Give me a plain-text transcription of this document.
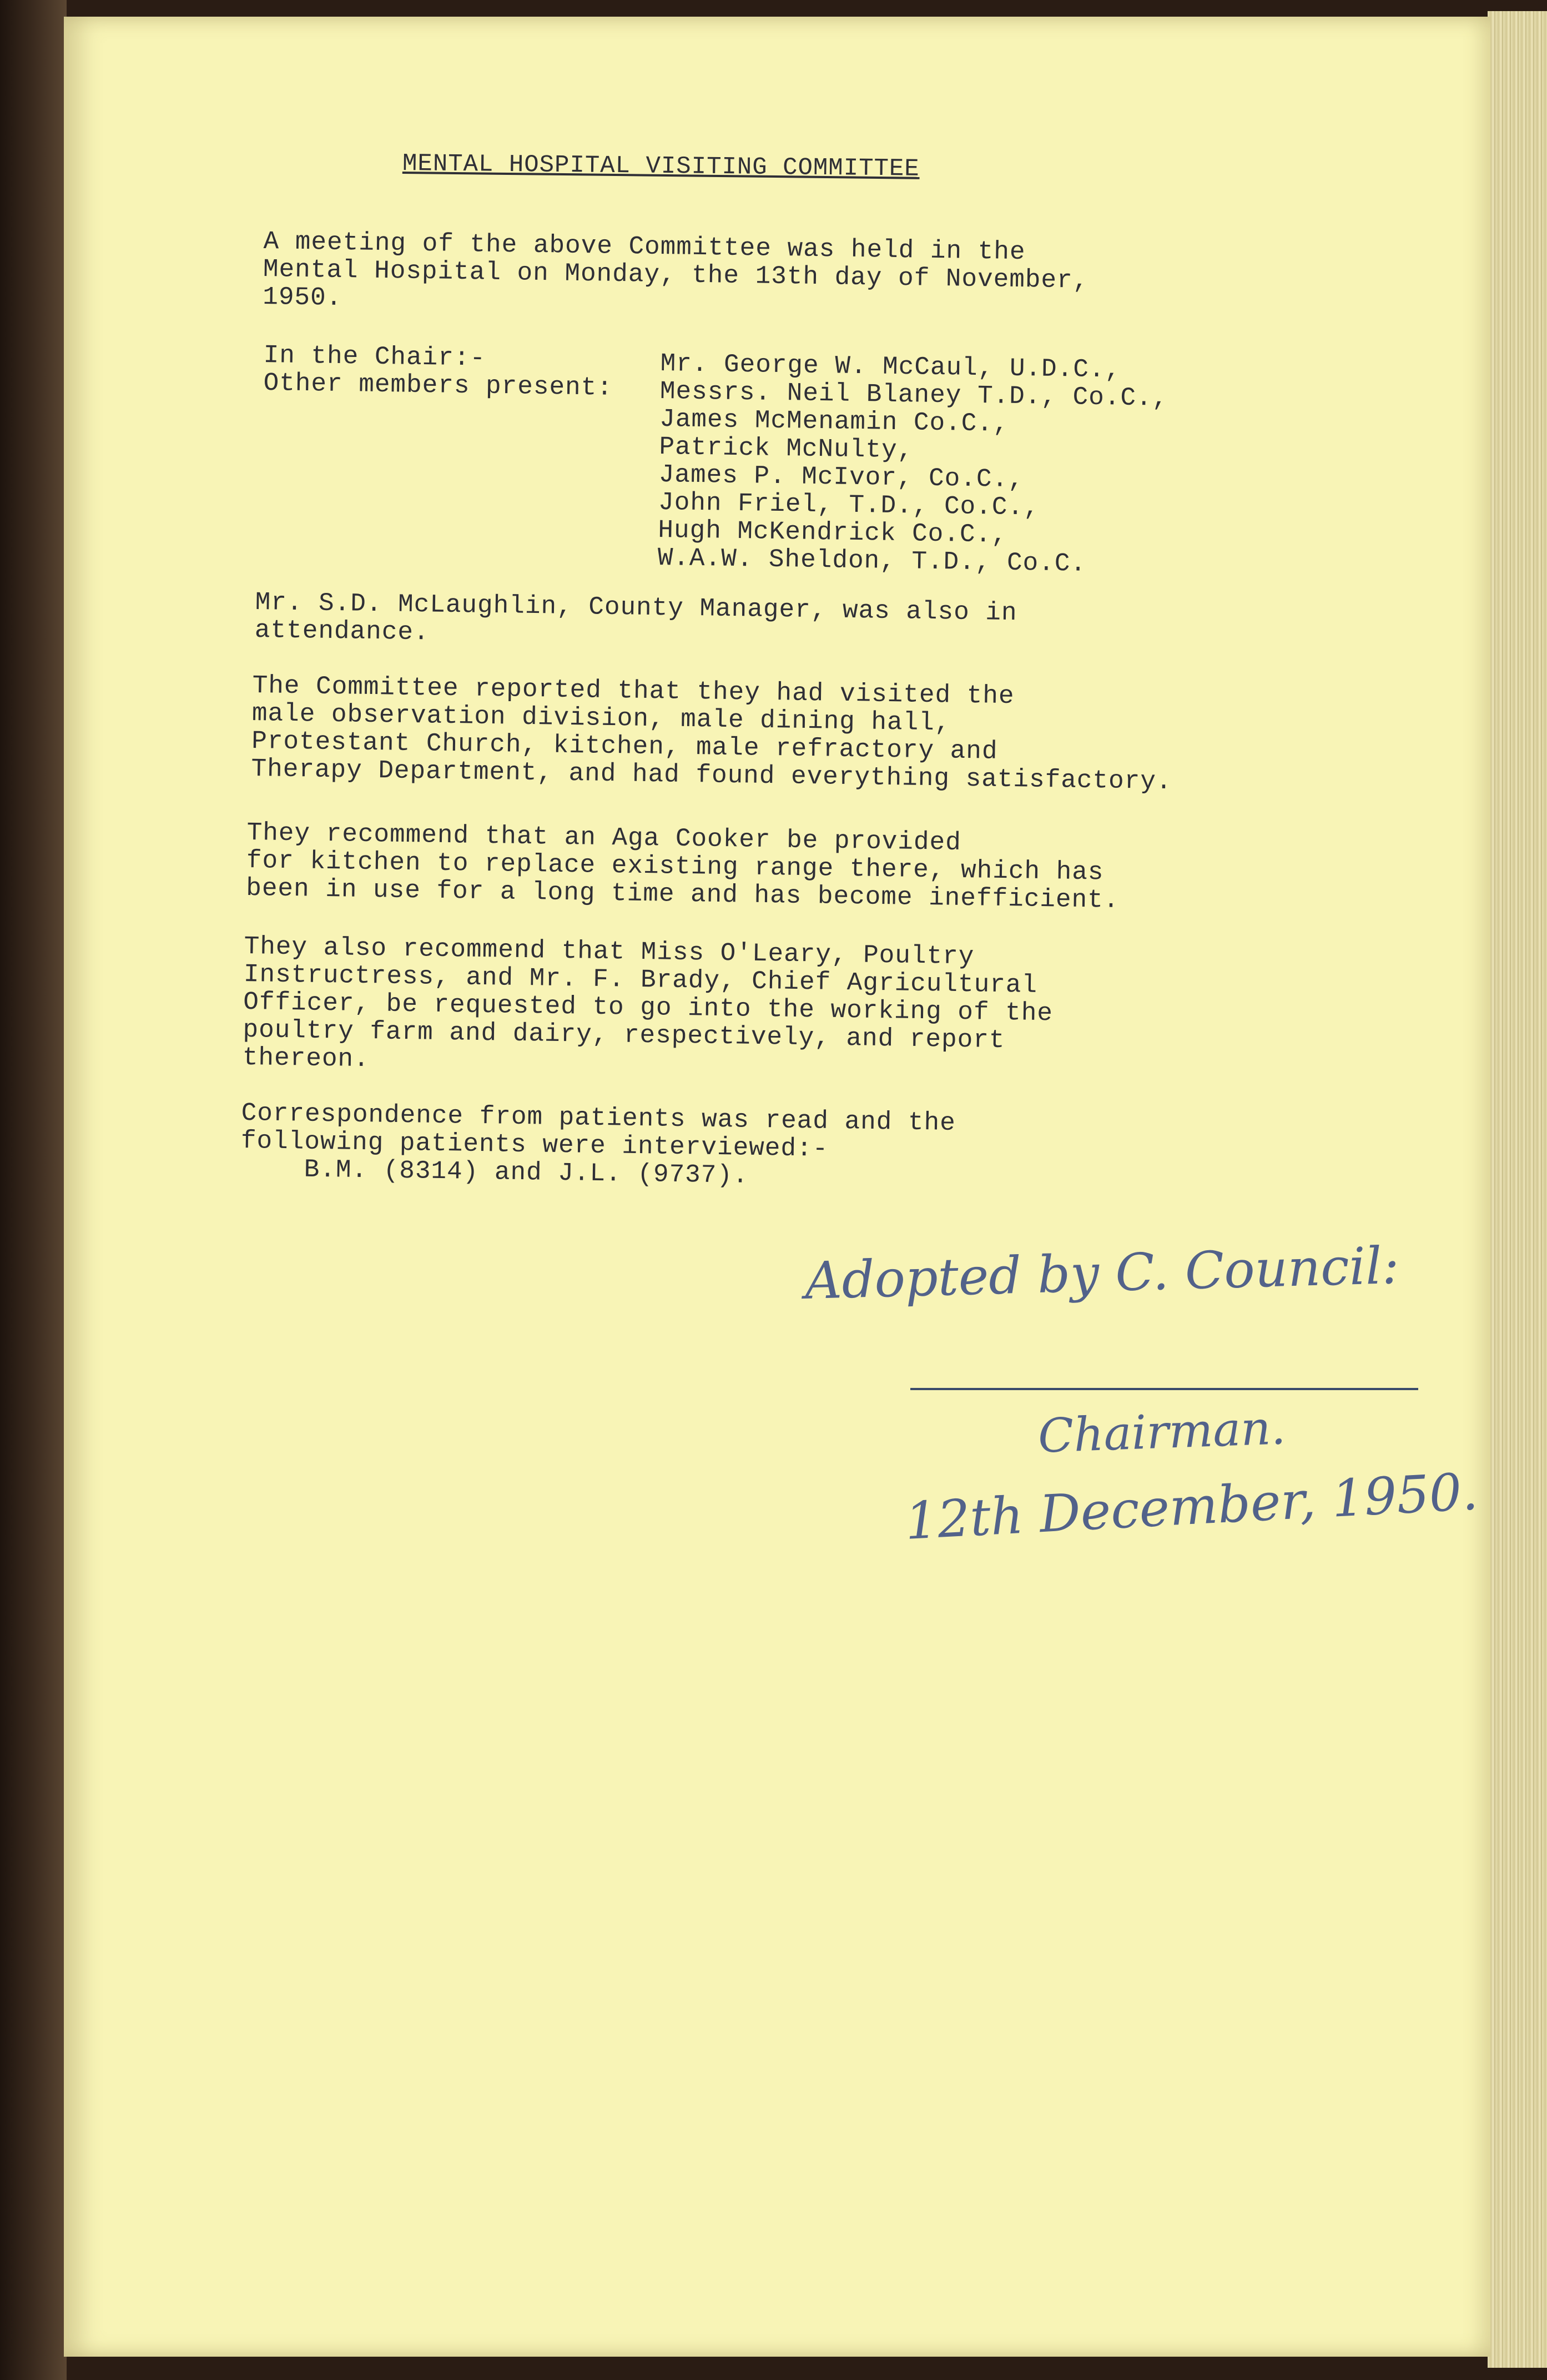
MENTAL HOSPITAL VISITING COMMITTEE
A meeting of the above Committee was held in the
Mental Hospital on Monday, the 13th day of November,
1950.
In the Chair:-
Other members present:
Mr. George W. McCaul, U.D.C.,
Messrs. Neil Blaney T.D., Co.C.,
James McMenamin Co.C.,
Patrick McNulty,
James P. McIvor, Co.C.,
John Friel, T.D., Co.C.,
Hugh McKendrick Co.C.,
W.A.W. Sheldon, T.D., Co.C.
Mr. S.D. McLaughlin, County Manager, was also in
attendance.
The Committee reported that they had visited the
male observation division, male dining hall,
Protestant Church, kitchen, male refractory and
Therapy Department, and had found everything satisfactory.
They recommend that an Aga Cooker be provided
for kitchen to replace existing range there, which has
been in use for a long time and has become inefficient.
They also recommend that Miss O'Leary, Poultry
Instructress, and Mr. F. Brady, Chief Agricultural
Officer, be requested to go into the working of the
poultry farm and dairy, respectively, and report
thereon.
Correspondence from patients was read and the
following patients were interviewed:-
B.M. (8314) and J.L. (9737).
Adopted by C. Council:
Chairman.
12th December, 1950.
